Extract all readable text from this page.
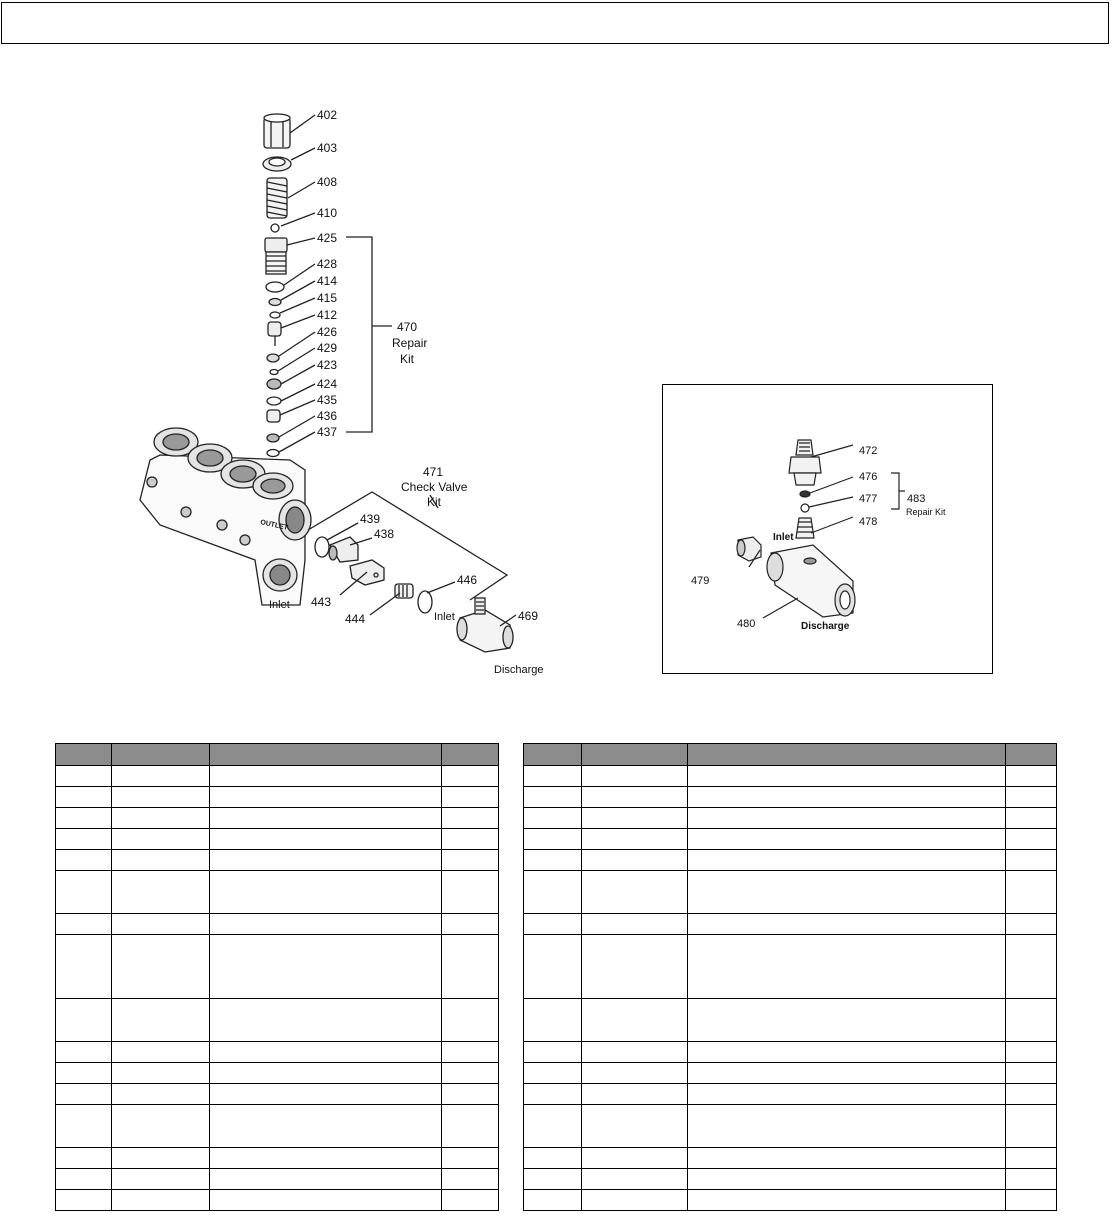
402
403
408
410
425
428
414
415
412
426
429
423
424
435
436
437
470
Repair
Kit
471
Check Valve
Kit
439
438
443
444
446
469
Inlet
Inlet
Discharge
OUTLET
472
476
477
478
483
Repair Kit
Inlet
479
480	Discharge
